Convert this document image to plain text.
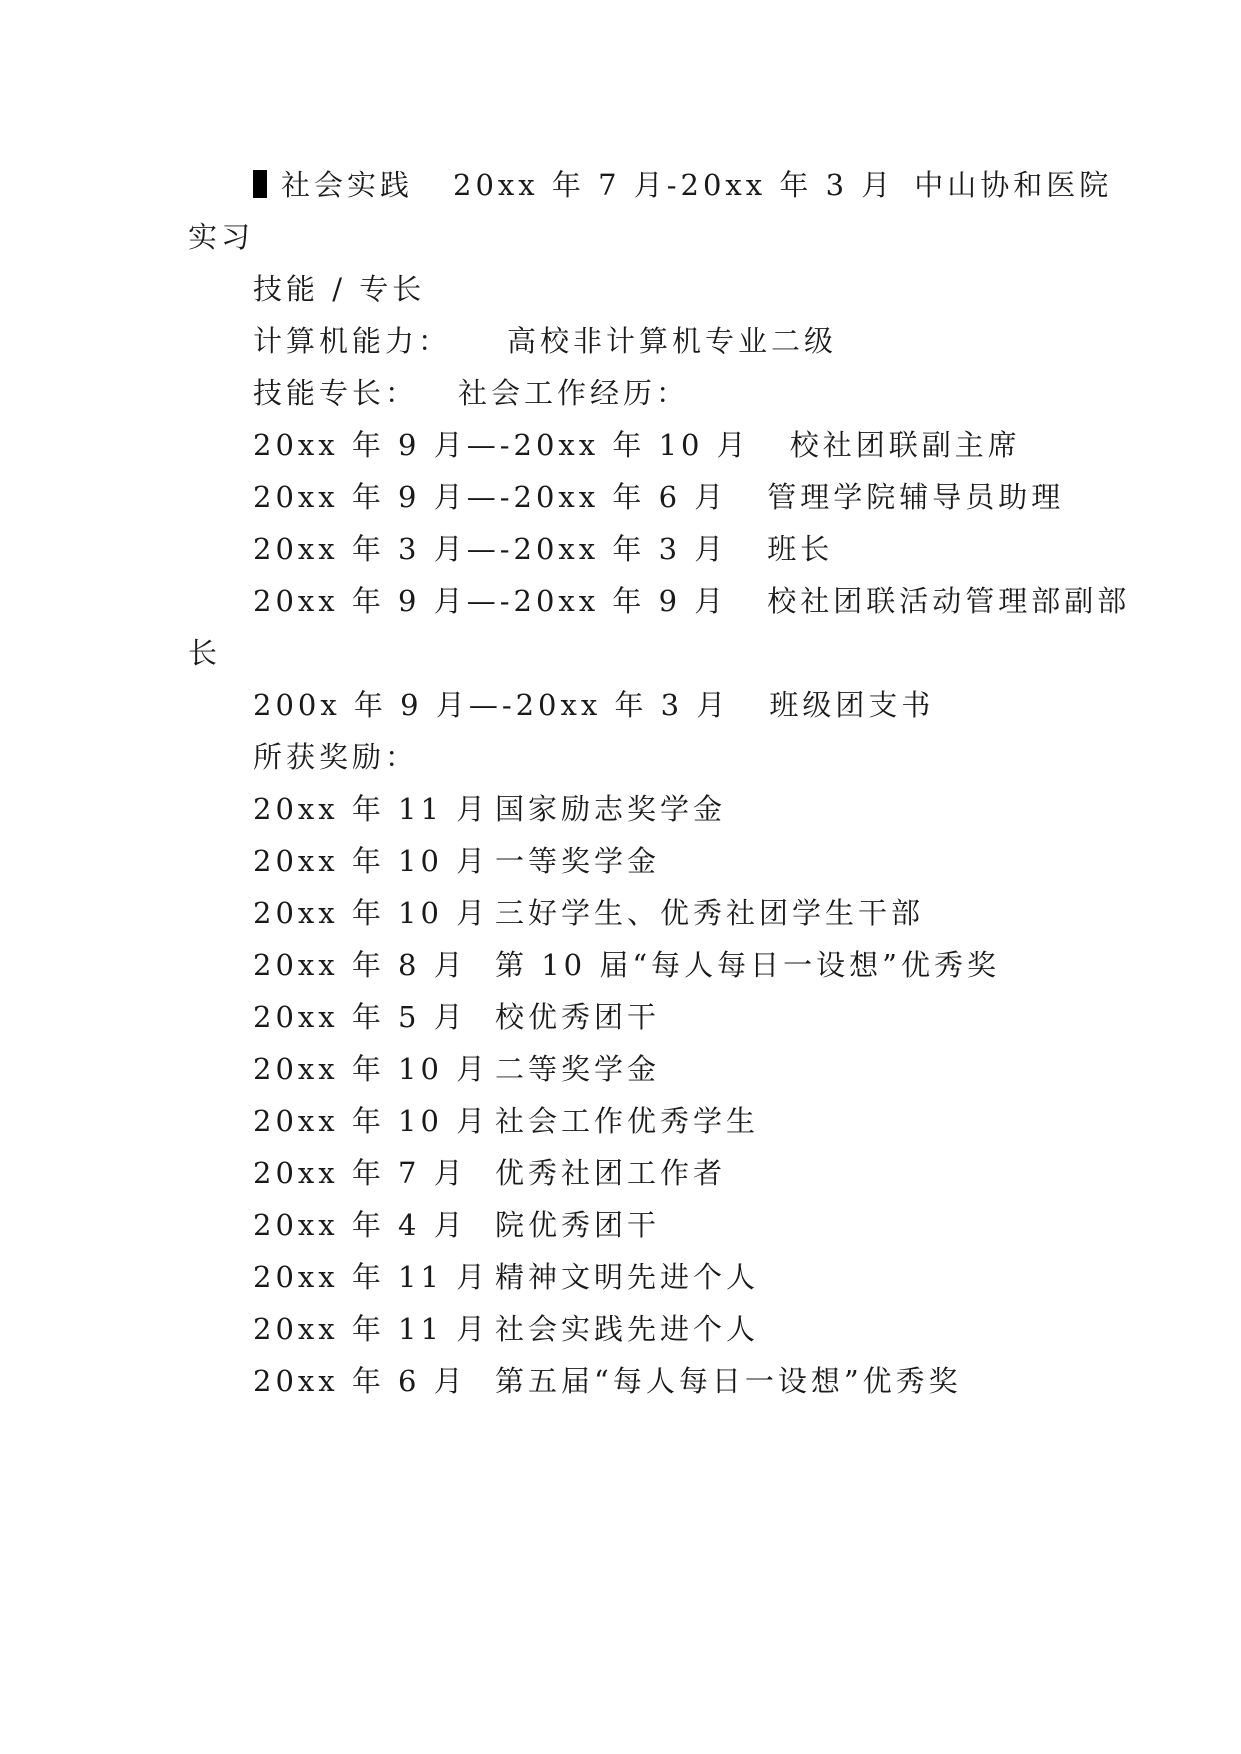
社会实践 20xx 年 7 月-20xx 年 3 月 中山协和医院
实习
技能 / 专长
计算机能力： 高校非计算机专业二级
技能专长： 社会工作经历：
20xx 年 9 月—-20xx 年 10 月 校社团联副主席
20xx 年 9 月—-20xx 年 6 月 管理学院辅导员助理
20xx 年 3 月—-20xx 年 3 月 班长
20xx 年 9 月—-20xx 年 9 月 校社团联活动管理部副部
长
200x 年 9 月—-20xx 年 3 月 班级团支书
所获奖励：
20xx 年 11 月 国家励志奖学金
20xx 年 10 月 一等奖学金
20xx 年 10 月 三好学生、优秀社团学生干部
20xx 年 8 月 第 10 届“每人每日一设想”优秀奖
20xx 年 5 月 校优秀团干
20xx 年 10 月 二等奖学金
20xx 年 10 月 社会工作优秀学生
20xx 年 7 月 优秀社团工作者
20xx 年 4 月 院优秀团干
20xx 年 11 月 精神文明先进个人
20xx 年 11 月 社会实践先进个人
20xx 年 6 月 第五届“每人每日一设想”优秀奖
